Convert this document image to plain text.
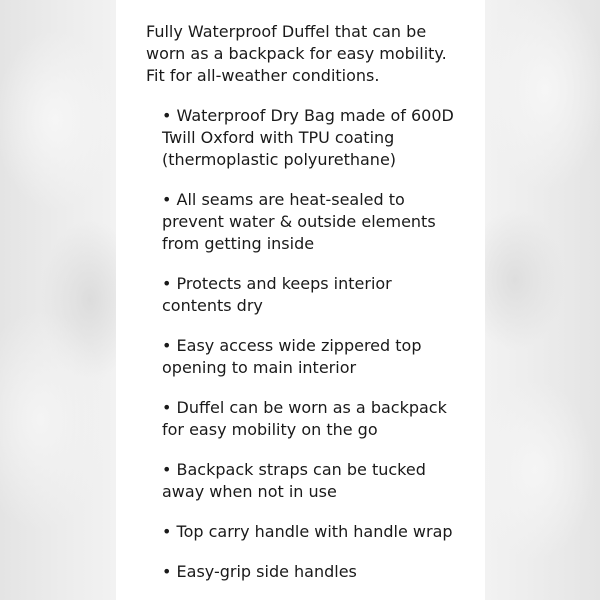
Fully Waterproof Duffel that can be
worn as a backpack for easy mobility.
Fit for all-weather conditions.

• Waterproof Dry Bag made of 600D
Twill Oxford with TPU coating
(thermoplastic polyurethane)
• All seams are heat-sealed to
prevent water & outside elements
from getting inside
• Protects and keeps interior
contents dry
• Easy access wide zippered top
opening to main interior
• Duffel can be worn as a backpack
for easy mobility on the go
• Backpack straps can be tucked
away when not in use
• Top carry handle with handle wrap
• Easy-grip side handles
